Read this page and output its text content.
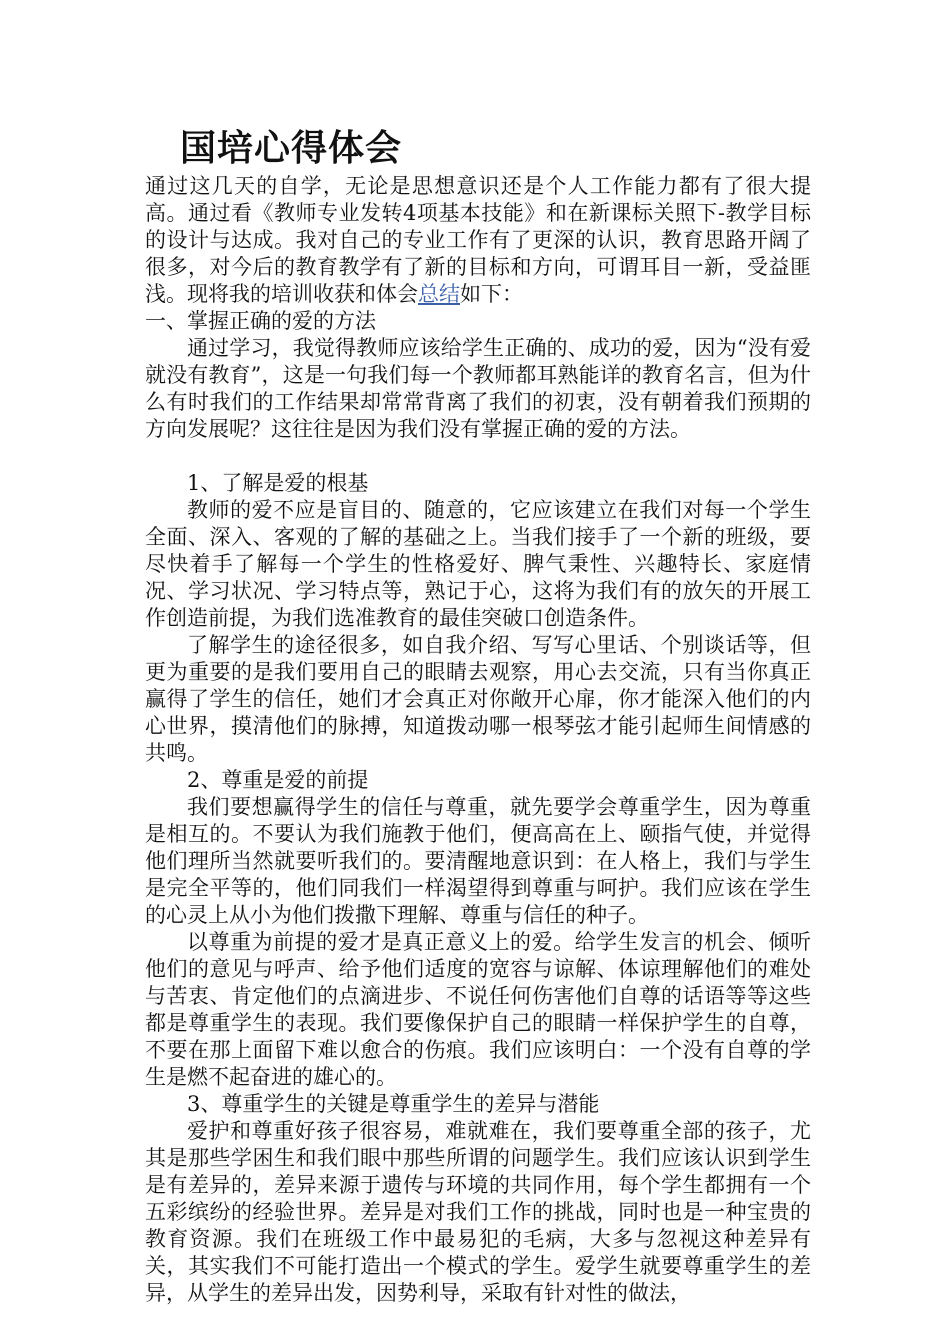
国培心得体会

通过这几天的自学，无论是思想意识还是个人工作能力都有了很大提高。通过看《教师专业发转4项基本技能》和在新课标关照下-教学目标的设计与达成。我对自己的专业工作有了更深的认识，教育思路开阔了很多，对今后的教育教学有了新的目标和方向，可谓耳目一新，受益匪浅。现将我的培训收获和体会总结如下：

一、掌握正确的爱的方法

通过学习，我觉得教师应该给学生正确的、成功的爱，因为“没有爱就没有教育”，这是一句我们每一个教师都耳熟能详的教育名言，但为什么有时我们的工作结果却常常背离了我们的初衷，没有朝着我们预期的方向发展呢？这往往是因为我们没有掌握正确的爱的方法。

1、了解是爱的根基

教师的爱不应是盲目的、随意的，它应该建立在我们对每一个学生全面、深入、客观的了解的基础之上。当我们接手了一个新的班级，要尽快着手了解每一个学生的性格爱好、脾气秉性、兴趣特长、家庭情况、学习状况、学习特点等，熟记于心，这将为我们有的放矢的开展工作创造前提，为我们选准教育的最佳突破口创造条件。

了解学生的途径很多，如自我介绍、写写心里话、个别谈话等，但更为重要的是我们要用自己的眼睛去观察，用心去交流，只有当你真正赢得了学生的信任，她们才会真正对你敞开心扉，你才能深入他们的内心世界，摸清他们的脉搏，知道拨动哪一根琴弦才能引起师生间情感的共鸣。

2、尊重是爱的前提

我们要想赢得学生的信任与尊重，就先要学会尊重学生，因为尊重是相互的。不要认为我们施教于他们，便高高在上、颐指气使，并觉得他们理所当然就要听我们的。要清醒地意识到：在人格上，我们与学生是完全平等的，他们同我们一样渴望得到尊重与呵护。我们应该在学生的心灵上从小为他们拨撒下理解、尊重与信任的种子。

以尊重为前提的爱才是真正意义上的爱。给学生发言的机会、倾听他们的意见与呼声、给予他们适度的宽容与谅解、体谅理解他们的难处与苦衷、肯定他们的点滴进步、不说任何伤害他们自尊的话语等等这些都是尊重学生的表现。我们要像保护自己的眼睛一样保护学生的自尊，不要在那上面留下难以愈合的伤痕。我们应该明白：一个没有自尊的学生是燃不起奋进的雄心的。

3、尊重学生的关键是尊重学生的差异与潜能

爱护和尊重好孩子很容易，难就难在，我们要尊重全部的孩子，尤其是那些学困生和我们眼中那些所谓的问题学生。我们应该认识到学生是有差异的，差异来源于遗传与环境的共同作用，每个学生都拥有一个五彩缤纷的经验世界。差异是对我们工作的挑战，同时也是一种宝贵的教育资源。我们在班级工作中最易犯的毛病，大多与忽视这种差异有关，其实我们不可能打造出一个模式的学生。爱学生就要尊重学生的差异，从学生的差异出发，因势利导，采取有针对性的做法，
